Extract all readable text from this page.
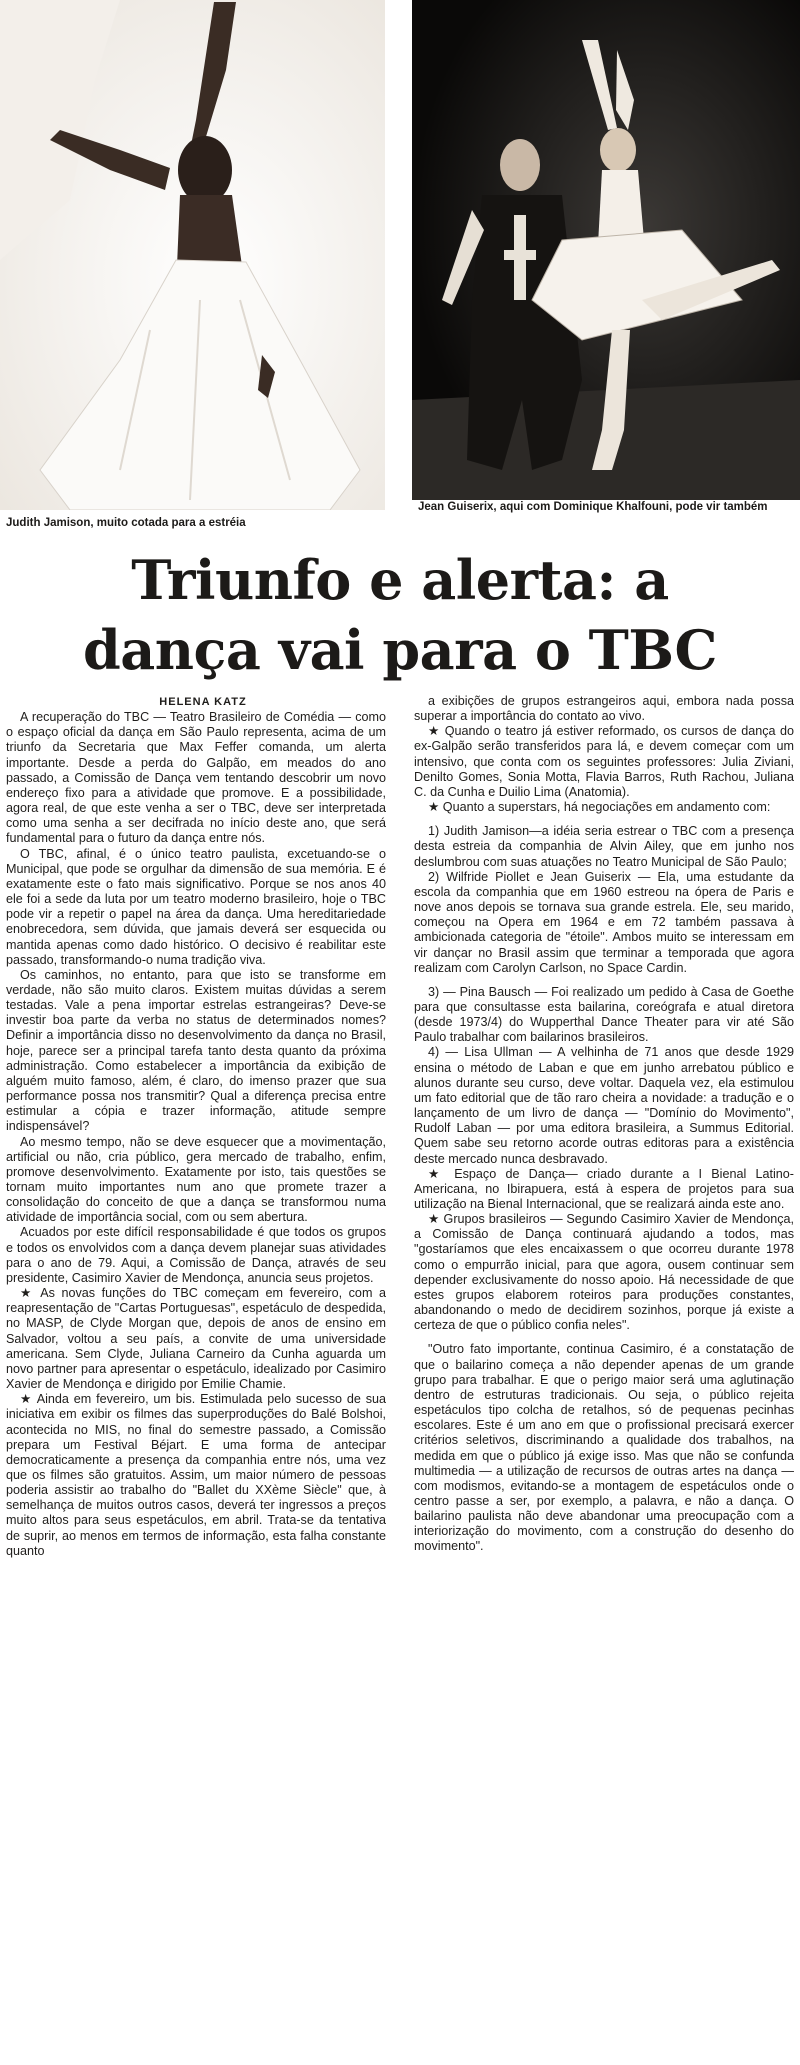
Judith Jamison, muito cotada para a estréia
Jean Guiserix, aqui com Dominique Khalfouni, pode vir também
Triunfo e alerta: a
dança vai para o TBC

HELENA KATZ

A recuperação do TBC — Teatro Brasileiro de Comédia — como o espaço oficial da dança em São Paulo representa, acima de um triunfo da Secretaria que Max Feffer comanda, um alerta importante. Desde a perda do Galpão, em meados do ano passado, a Comissão de Dança vem tentando descobrir um novo endereço fixo para a atividade que promove. E a possibilidade, agora real, de que este venha a ser o TBC, deve ser interpretada como uma senha a ser decifrada no início deste ano, que será fundamental para o futuro da dança entre nós.

O TBC, afinal, é o único teatro paulista, excetuando-se o Municipal, que pode se orgulhar da dimensão de sua memória. E é exatamente este o fato mais significativo. Porque se nos anos 40 ele foi a sede da luta por um teatro moderno brasileiro, hoje o TBC pode vir a repetir o papel na área da dança. Uma hereditariedade enobrecedora, sem dúvida, que jamais deverá ser esquecida ou mantida apenas como dado histórico. O decisivo é reabilitar este passado, transformando-o numa tradição viva.

Os caminhos, no entanto, para que isto se transforme em verdade, não são muito claros. Existem muitas dúvidas a serem testadas. Vale a pena importar estrelas estrangeiras? Deve-se investir boa parte da verba no status de determinados nomes? Definir a importância disso no desenvolvimento da dança no Brasil, hoje, parece ser a principal tarefa tanto desta quanto da próxima administração. Como estabelecer a importância da exibição de alguém muito famoso, além, é claro, do imenso prazer que sua performance possa nos transmitir? Qual a diferença precisa entre estimular a cópia e trazer informação, atitude sempre indispensável?

Ao mesmo tempo, não se deve esquecer que a movimentação, artificial ou não, cria público, gera mercado de trabalho, enfim, promove desenvolvimento. Exatamente por isto, tais questões se tornam muito importantes num ano que promete trazer a consolidação do conceito de que a dança se transformou numa atividade de importância social, com ou sem abertura.

Acuados por este difícil responsabilidade é que todos os grupos e todos os envolvidos com a dança devem planejar suas atividades para o ano de 79. Aqui, a Comissão de Dança, através de seu presidente, Casimiro Xavier de Mendonça, anuncia seus projetos.

★ As novas funções do TBC começam em fevereiro, com a reapresentação de "Cartas Portuguesas", espetáculo de despedida, no MASP, de Clyde Morgan que, depois de anos de ensino em Salvador, voltou a seu país, a convite de uma universidade americana. Sem Clyde, Juliana Carneiro da Cunha aguarda um novo partner para apresentar o espetáculo, idealizado por Casimiro Xavier de Mendonça e dirigido por Emilie Chamie.

★ Ainda em fevereiro, um bis. Estimulada pelo sucesso de sua iniciativa em exibir os filmes das superproduções do Balé Bolshoi, acontecida no MIS, no final do semestre passado, a Comissão prepara um Festival Béjart. E uma forma de antecipar democraticamente a presença da companhia entre nós, uma vez que os filmes são gratuitos. Assim, um maior número de pessoas poderia assistir ao trabalho do "Ballet du XXème Siècle" que, à semelhança de muitos outros casos, deverá ter ingressos a preços muito altos para seus espetáculos, em abril. Trata-se da tentativa de suprir, ao menos em termos de informação, esta falha constante quanto

a exibições de grupos estrangeiros aqui, embora nada possa superar a importância do contato ao vivo.

★ Quando o teatro já estiver reformado, os cursos de dança do ex-Galpão serão transferidos para lá, e devem começar com um intensivo, que conta com os seguintes professores: Julia Ziviani, Denilto Gomes, Sonia Motta, Flavia Barros, Ruth Rachou, Juliana C. da Cunha e Duilio Lima (Anatomia).

★ Quanto a superstars, há negociações em andamento com:

1) Judith Jamison—a idéia seria estrear o TBC com a presença desta estreia da companhia de Alvin Ailey, que em junho nos deslumbrou com suas atuações no Teatro Municipal de São Paulo;

2) Wilfride Piollet e Jean Guiserix — Ela, uma estudante da escola da companhia que em 1960 estreou na ópera de Paris e nove anos depois se tornava sua grande estrela. Ele, seu marido, começou na Opera em 1964 e em 72 também passava à ambicionada categoria de "étoile". Ambos muito se interessam em vir dançar no Brasil assim que terminar a temporada que agora realizam com Carolyn Carlson, no Space Cardin.

3) — Pina Bausch — Foi realizado um pedido à Casa de Goethe para que consultasse esta bailarina, coreógrafa e atual diretora (desde 1973/4) do Wupperthal Dance Theater para vir até São Paulo trabalhar com bailarinos brasileiros.

4) — Lisa Ullman — A velhinha de 71 anos que desde 1929 ensina o método de Laban e que em junho arrebatou público e alunos durante seu curso, deve voltar. Daquela vez, ela estimulou um fato editorial que de tão raro cheira a novidade: a tradução e o lançamento de um livro de dança — "Domínio do Movimento", Rudolf Laban — por uma editora brasileira, a Summus Editorial. Quem sabe seu retorno acorde outras editoras para a existência deste mercado nunca desbravado.

★ Espaço de Dança— criado durante a I Bienal Latino-Americana, no Ibirapuera, está à espera de projetos para sua utilização na Bienal Internacional, que se realizará ainda este ano.

★ Grupos brasileiros — Segundo Casimiro Xavier de Mendonça, a Comissão de Dança continuará ajudando a todos, mas "gostaríamos que eles encaixassem o que ocorreu durante 1978 como o empurrão inicial, para que agora, ousem continuar sem depender exclusivamente do nosso apoio. Há necessidade de que estes grupos elaborem roteiros para produções constantes, abandonando o medo de decidirem sozinhos, porque já existe a certeza de que o público confia neles".

"Outro fato importante, continua Casimiro, é a constatação de que o bailarino começa a não depender apenas de um grande grupo para trabalhar. E que o perigo maior será uma aglutinação dentro de estruturas tradicionais. Ou seja, o público rejeita espetáculos tipo colcha de retalhos, só de pequenas pecinhas escolares. Este é um ano em que o profissional precisará exercer critérios seletivos, discriminando a qualidade dos trabalhos, na medida em que o público já exige isso. Mas que não se confunda multimedia — a utilização de recursos de outras artes na dança — com modismos, evitando-se a montagem de espetáculos onde o centro passe a ser, por exemplo, a palavra, e não a dança. O bailarino paulista não deve abandonar uma preocupação com a interiorização do movimento, com a construção do desenho do movimento".
